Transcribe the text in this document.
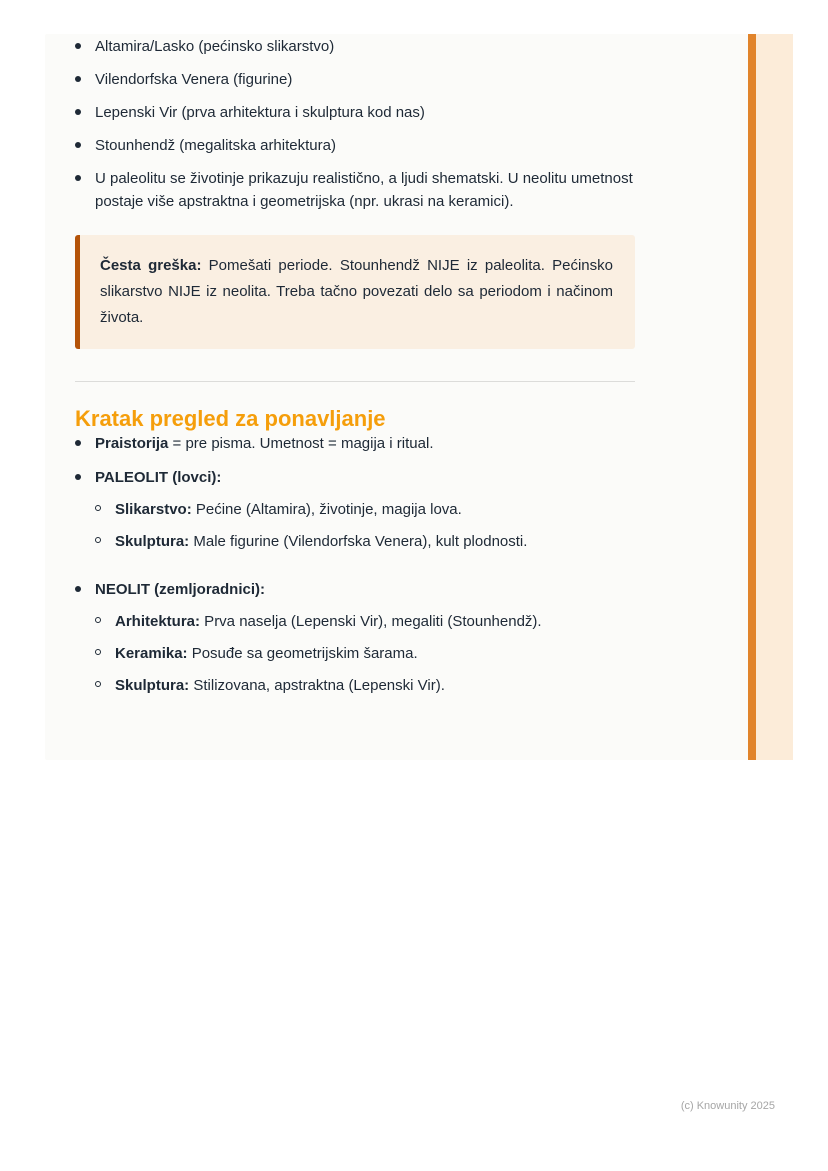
Altamira/Lasko (pećinsko slikarstvo)
Vilendorfska Venera (figurine)
Lepenski Vir (prva arhitektura i skulptura kod nas)
Stounhendž (megalitska arhitektura)
U paleolitu se životinje prikazuju realistično, a ljudi shematski. U neolitu umetnost postaje više apstraktna i geometrijska (npr. ukrasi na keramici).
Česta greška: Pomešati periode. Stounhendž NIJE iz paleolita. Pećinsko slikarstvo NIJE iz neolita. Treba tačno povezati delo sa periodom i načinom života.
Kratak pregled za ponavljanje
Praistorija = pre pisma. Umetnost = magija i ritual.
PALEOLIT (lovci):
Slikarstvo: Pećine (Altamira), životinje, magija lova.
Skulptura: Male figurine (Vilendorfska Venera), kult plodnosti.
NEOLIT (zemljoradnici):
Arhitektura: Prva naselja (Lepenski Vir), megaliti (Stounhendž).
Keramika: Posuđe sa geometrijskim šarama.
Skulptura: Stilizovana, apstraktna (Lepenski Vir).
(c) Knowunity 2025
